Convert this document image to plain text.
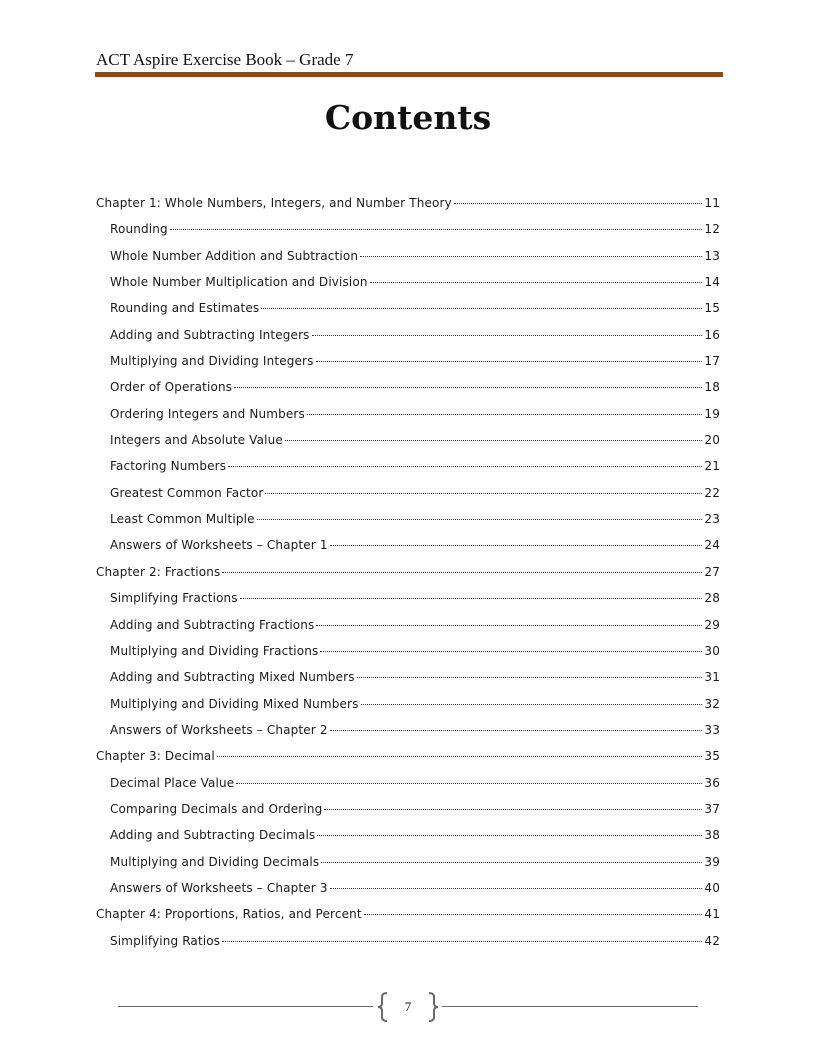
ACT Aspire Exercise Book – Grade 7
Contents
Chapter 1: Whole Numbers, Integers, and Number Theory	11
Rounding	12
Whole Number Addition and Subtraction	13
Whole Number Multiplication and Division	14
Rounding and Estimates	15
Adding and Subtracting Integers	16
Multiplying and Dividing Integers	17
Order of Operations	18
Ordering Integers and Numbers	19
Integers and Absolute Value	20
Factoring Numbers	21
Greatest Common Factor	22
Least Common Multiple	23
Answers of Worksheets – Chapter 1	24
Chapter 2: Fractions	27
Simplifying Fractions	28
Adding and Subtracting Fractions	29
Multiplying and Dividing Fractions	30
Adding and Subtracting Mixed Numbers	31
Multiplying and Dividing Mixed Numbers	32
Answers of Worksheets – Chapter 2	33
Chapter 3: Decimal	35
Decimal Place Value	36
Comparing Decimals and Ordering	37
Adding and Subtracting Decimals	38
Multiplying and Dividing Decimals	39
Answers of Worksheets – Chapter 3	40
Chapter 4: Proportions, Ratios, and Percent	41
Simplifying Ratios	42
7
